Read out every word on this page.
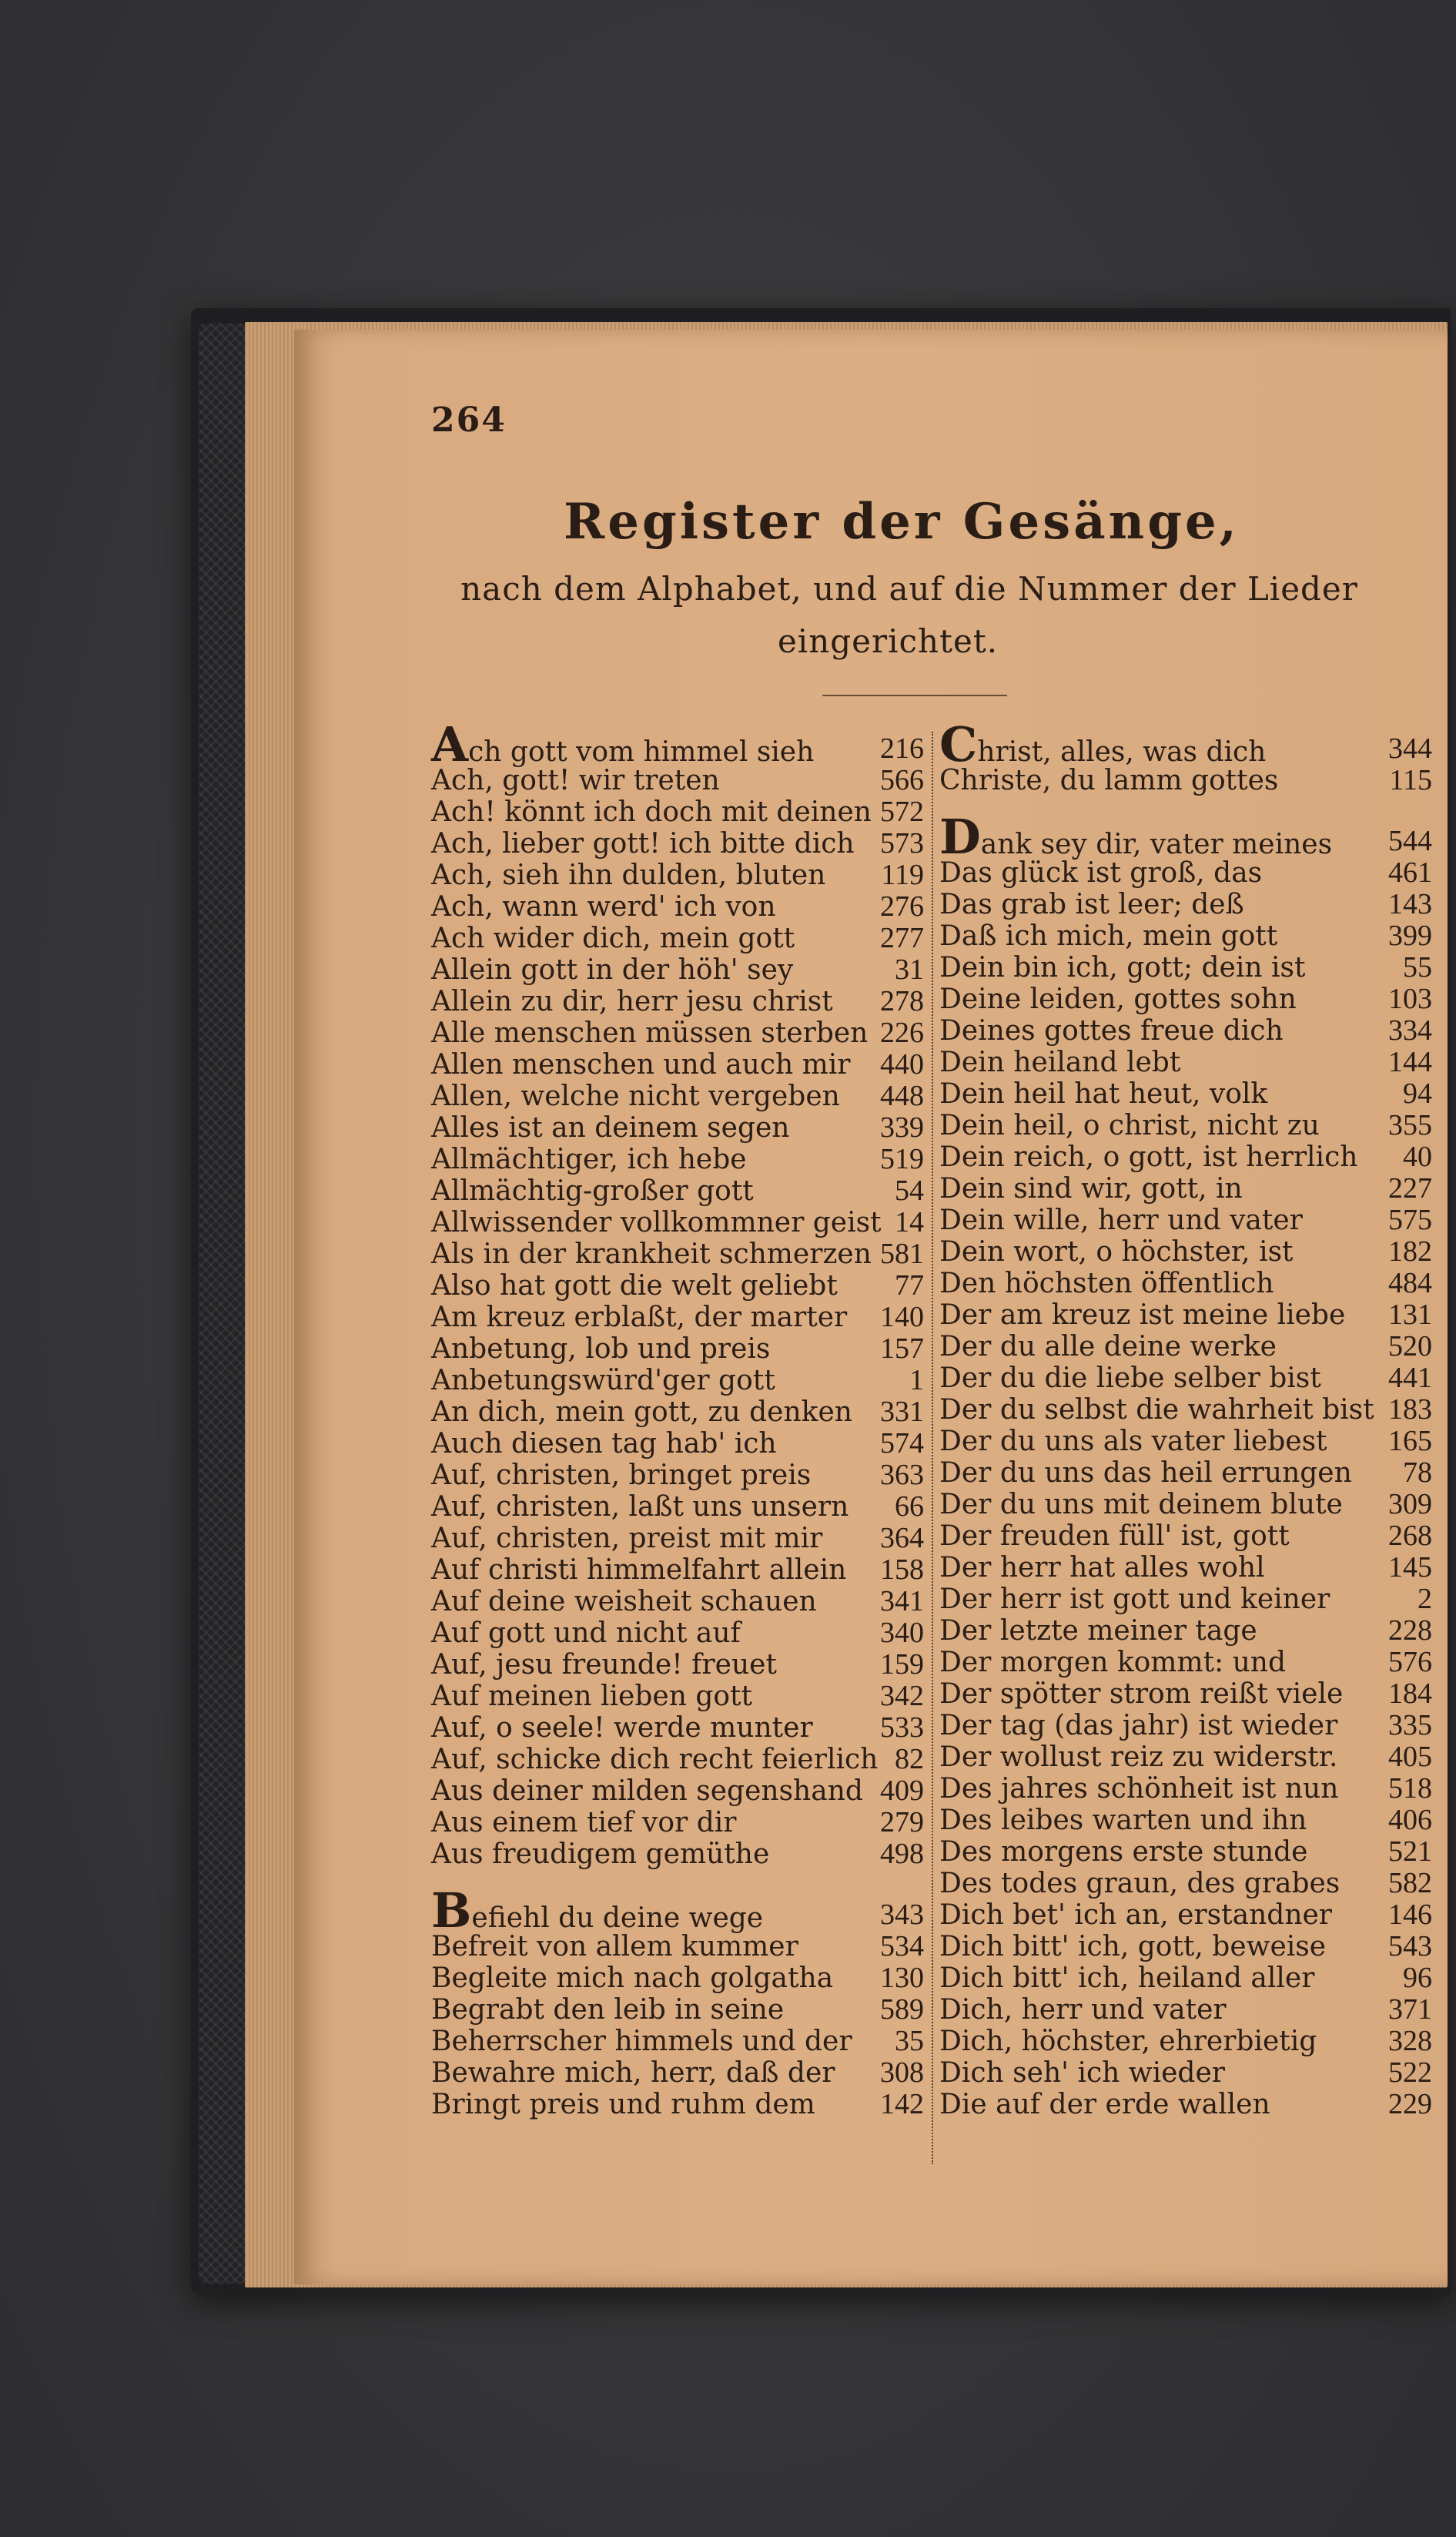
264
Register der Gesänge,
nach dem Alphabet, und auf die Nummer der Lieder
eingerichtet.
Ach gott vom himmel sieh 216
Ach, gott! wir treten	566
Ach! könnt ich doch mit deinen 572
Ach, lieber gott! ich bitte dich 573
Ach, sieh ihn dulden, bluten 119
Ach, wann werd' ich von	276
Ach wider dich, mein gott	277
Allein gott in der höh' sey	31
Allein zu dir, herr jesu christ 278
Alle menschen müssen sterben 226
Allen menschen und auch mir 440
Allen, welche nicht vergeben 448
Alles ist an deinem segen	339
Allmächtiger, ich hebe	519
Allmächtig-großer gott	54
Allwissender vollkommner geist 14
Als in der krankheit schmerzen 581
Also hat gott die welt geliebt 77
Am kreuz erblaßt, der marter 140
Anbetung, lob und preis	157
Anbetungswürd'ger gott	1
An dich, mein gott, zu denken 331
Auch diesen tag hab' ich	574
Auf, christen, bringet preis 363
Auf, christen, laßt uns unsern 66
Auf, christen, preist mit mir 364
Auf christi himmelfahrt allein 158
Auf deine weisheit schauen 341
Auf gott und nicht auf	340
Auf, jesu freunde! freuet	159
Auf meinen lieben gott	342
Auf, o seele! werde munter 533
Auf, schicke dich recht feierlich 82
Aus deiner milden segenshand 409
Aus einem tief vor dir	279
Aus freudigem gemüthe	498
Befiehl du deine wege	343
Befreit von allem kummer	534
Begleite mich nach golgatha 130
Begrabt den leib in seine	589
Beherrscher himmels und der 35
Bewahre mich, herr, daß der 308
Bringt preis und ruhm dem 142
Christ, alles, was dich	344
Christe, du lamm gottes	115
Dank sey dir, vater meines 544
Das glück ist groß, das	461
Das grab ist leer; deß	143
Daß ich mich, mein gott	399
Dein bin ich, gott; dein ist	55
Deine leiden, gottes sohn	103
Deines gottes freue dich	334
Dein heiland lebt	144
Dein heil hat heut, volk	94
Dein heil, o christ, nicht zu 355
Dein reich, o gott, ist herrlich 40
Dein sind wir, gott, in	227
Dein wille, herr und vater	575
Dein wort, o höchster, ist	182
Den höchsten öffentlich	484
Der am kreuz ist meine liebe 131
Der du alle deine werke	520
Der du die liebe selber bist 441
Der du selbst die wahrheit bist 183
Der du uns als vater liebest 165
Der du uns das heil errungen 78
Der du uns mit deinem blute 309
Der freuden füll' ist, gott	268
Der herr hat alles wohl	145
Der herr ist gott und keiner	2
Der letzte meiner tage	228
Der morgen kommt: und	576
Der spötter strom reißt viele 184
Der tag (das jahr) ist wieder 335
Der wollust reiz zu widerstr. 405
Des jahres schönheit ist nun 518
Des leibes warten und ihn	406
Des morgens erste stunde	521
Des todes graun, des grabes 582
Dich bet' ich an, erstandner 146
Dich bitt' ich, gott, beweise 543
Dich bitt' ich, heiland aller	96
Dich, herr und vater	371
Dich, höchster, ehrerbietig 328
Dich seh' ich wieder	522
Die auf der erde wallen	229
